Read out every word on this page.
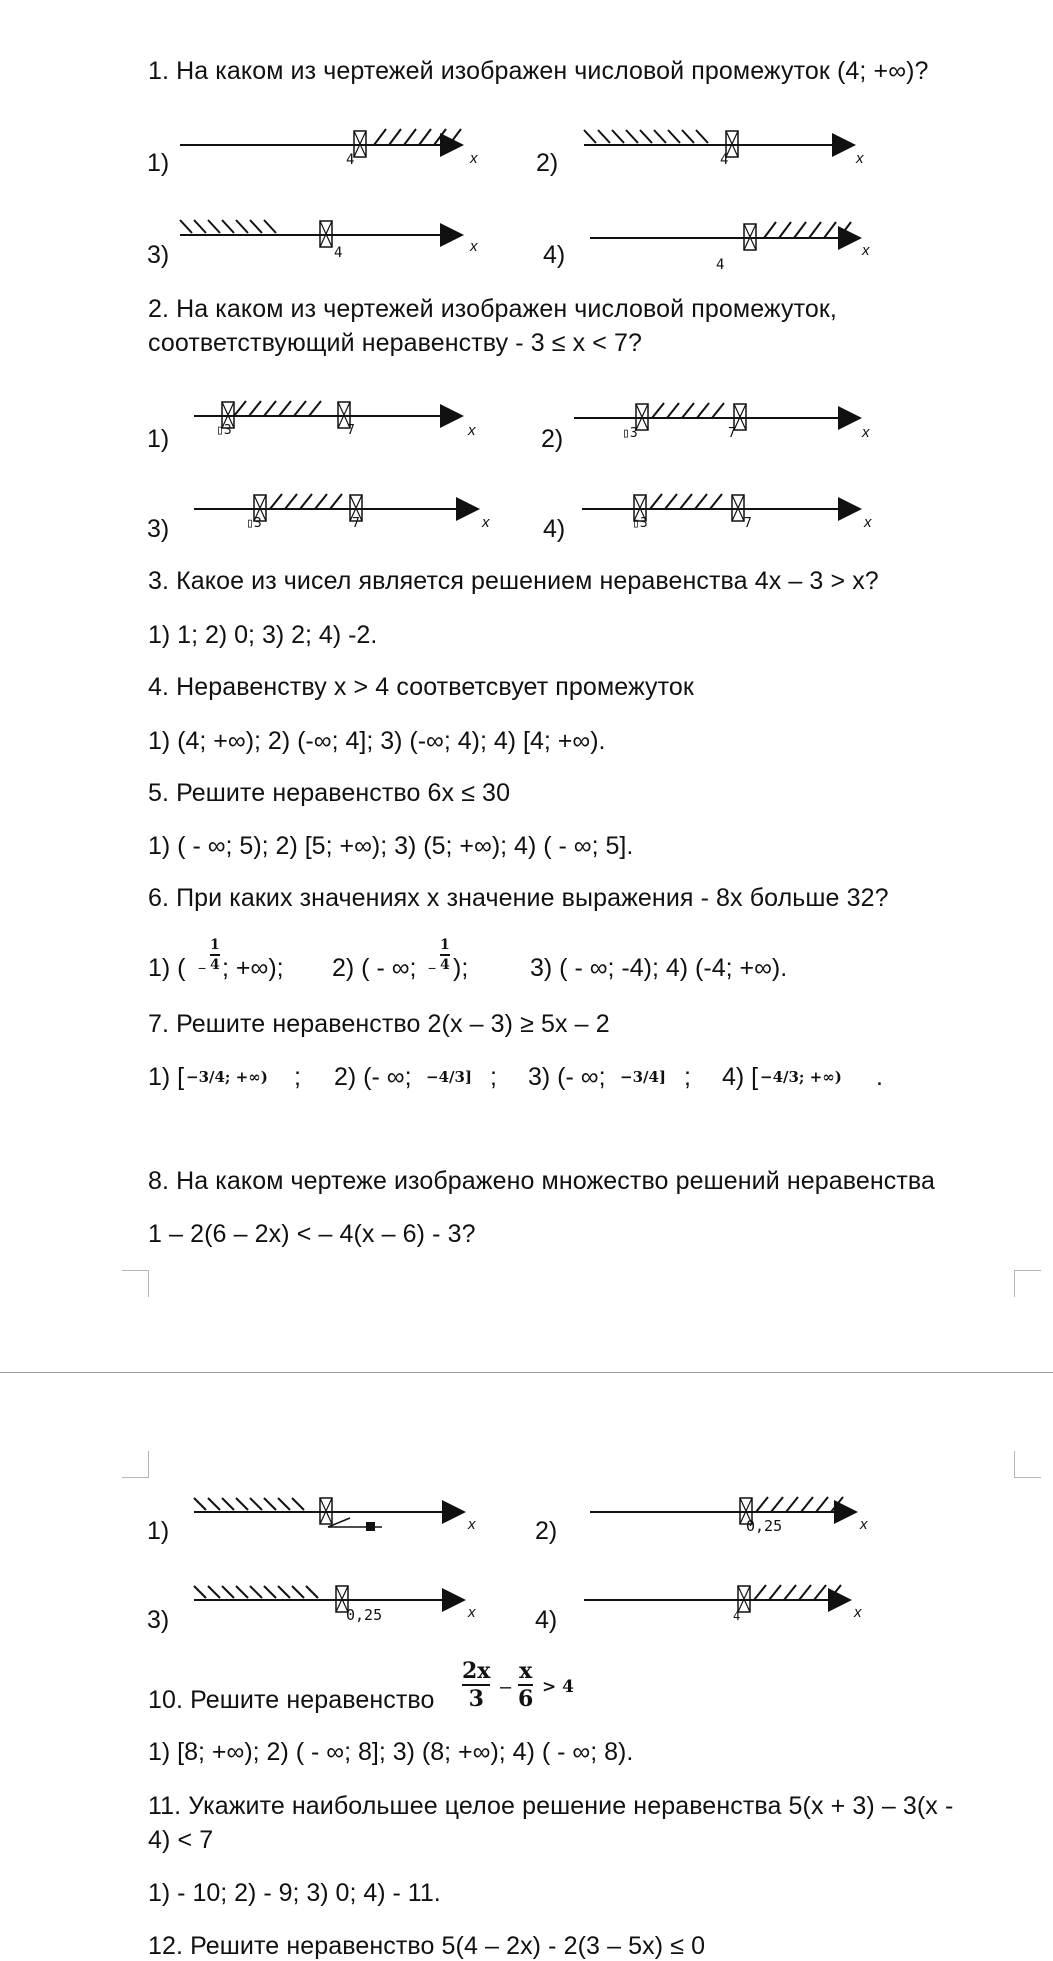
1. На каком из чертежей изображен числовой промежуток (4; +∞)?
1)	4	x 2)	4	x
3)	4	x	4)	4
x
2. На каком из чертежей изображен числовой промежуток,
соответствующий неравенству - 3 ≤ x < 7?
1)	▯3	7	x	2)	▯3	7	x
3)	▯3	7	x 4)	▯3	7	x
3. Какое из чисел является решением неравенства 4х – 3 > x?
1) 1; 2) 0; 3) 2; 4) -2.
4. Неравенству x > 4 соответсвует промежуток
1) (4; +∞); 2) (-∞; 4]; 3) (-∞; 4); 4) [4; +∞).
5. Решите неравенство 6х ≤ 30
1) ( - ∞; 5); 2) [5; +∞); 3) (5; +∞); 4) ( - ∞; 5].
6. При каких значениях х значение выражения - 8х больше 32?
1) ( − $\frac{1}{4}$ ; +∞); 2) ( - ∞; − $\frac{1}{4}$ ); 3) ( - ∞; -4); 4) (-4; +∞).
7. Решите неравенство 2(х – 3) ≥ 5х – 2
1) [ −3/4; +∞) ; 2) (- ∞; −4/3] ; 3) (- ∞; −3/4] ; 4) [ −4/3; +∞) .
8. На каком чертеже изображено множество решений неравенства
1 – 2(6 – 2х) < – 4(х – 6) - 3?
1)	x 2)	0,25	x
3)	0,25	x 4)	4	x
10. Решите неравенство $\frac{2x}{3} - \frac{x}{6} > 4$
1) [8; +∞); 2) ( - ∞; 8]; 3) (8; +∞); 4) ( - ∞; 8).
11. Укажите наибольшее целое решение неравенства 5(х + 3) – 3(х -
4) < 7
1) - 10; 2) - 9; 3) 0; 4) - 11.
12. Решите неравенство 5(4 – 2х) - 2(3 – 5х) ≤ 0
